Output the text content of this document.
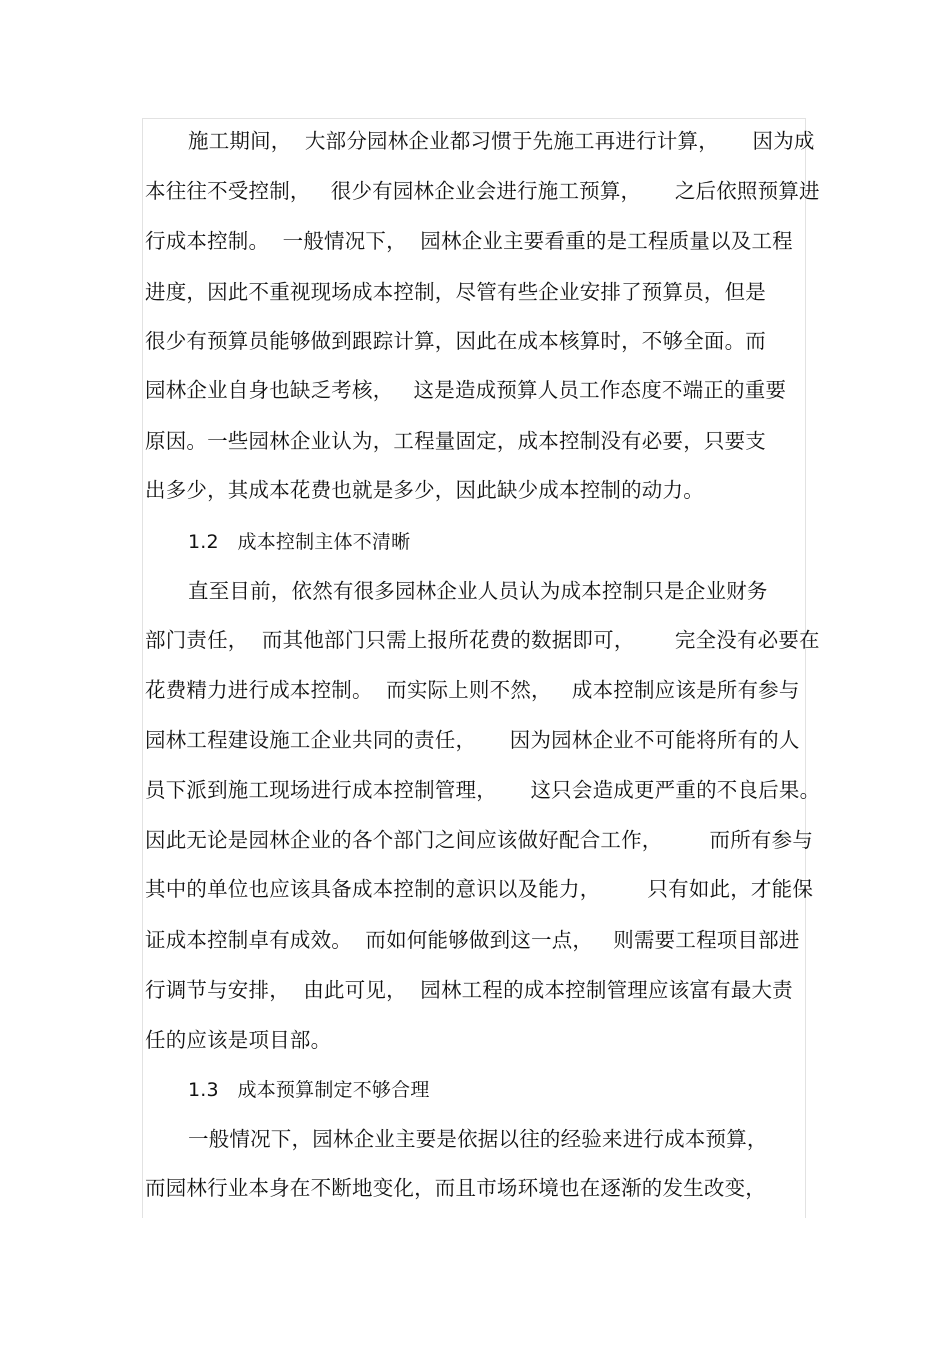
施工期间，  大部分园林企业都习惯于先施工再进行计算，     因为成
本往往不受控制，   很少有园林企业会进行施工预算，     之后依照预算进
行成本控制。  一般情况下，  园林企业主要看重的是工程质量以及工程
进度，因此不重视现场成本控制，尽管有些企业安排了预算员，但是
很少有预算员能够做到跟踪计算，因此在成本核算时，不够全面。而
园林企业自身也缺乏考核，   这是造成预算人员工作态度不端正的重要
原因。一些园林企业认为，工程量固定，成本控制没有必要，只要支
出多少，其成本花费也就是多少，因此缺少成本控制的动力。
1.2   成本控制主体不清晰
直至目前，依然有很多园林企业人员认为成本控制只是企业财务
部门责任，  而其他部门只需上报所花费的数据即可，      完全没有必要在
花费精力进行成本控制。  而实际上则不然，   成本控制应该是所有参与
园林工程建设施工企业共同的责任，     因为园林企业不可能将所有的人
员下派到施工现场进行成本控制管理，     这只会造成更严重的不良后果。
因此无论是园林企业的各个部门之间应该做好配合工作，       而所有参与
其中的单位也应该具备成本控制的意识以及能力，       只有如此，才能保
证成本控制卓有成效。  而如何能够做到这一点，   则需要工程项目部进
行调节与安排，  由此可见，  园林工程的成本控制管理应该富有最大责
任的应该是项目部。
1.3   成本预算制定不够合理
一般情况下，园林企业主要是依据以往的经验来进行成本预算，
而园林行业本身在不断地变化，而且市场环境也在逐渐的发生改变，
